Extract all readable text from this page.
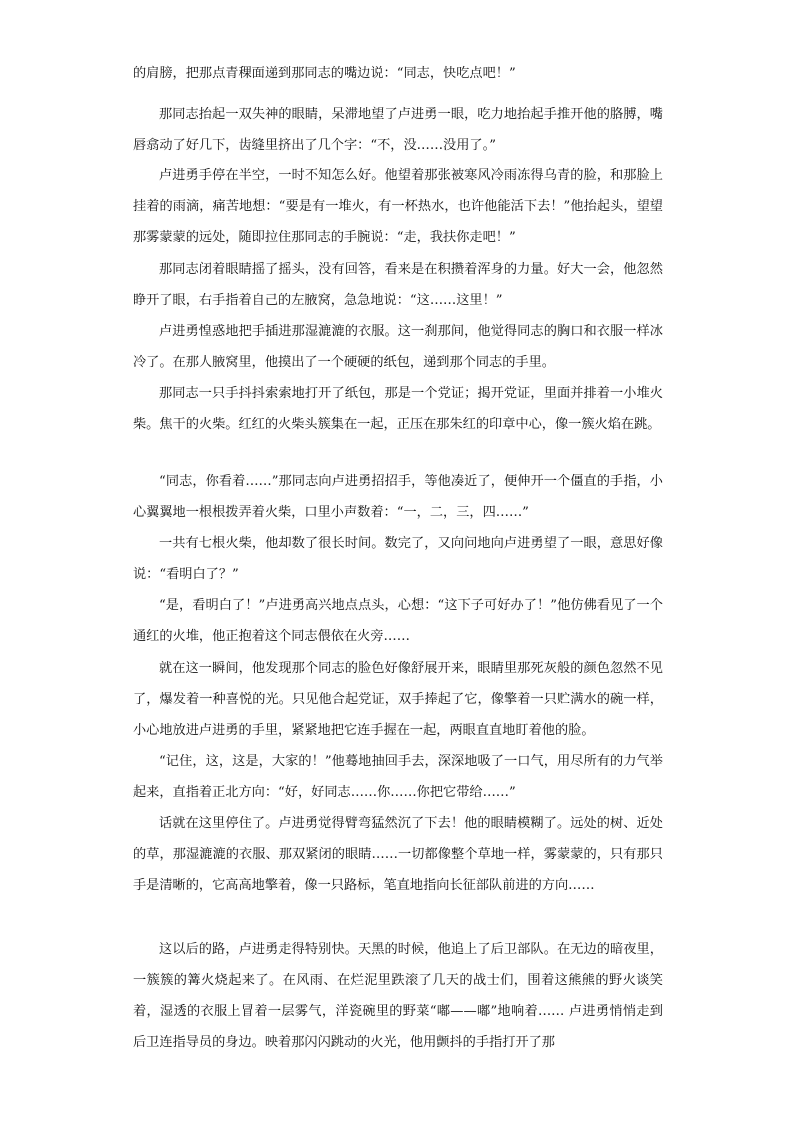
的肩膀，把那点青稞面递到那同志的嘴边说：“同志，快吃点吧！”

那同志抬起一双失神的眼睛，呆滞地望了卢进勇一眼，吃力地抬起手推开他的胳膊，嘴唇翕动了好几下，齿缝里挤出了几个字：“不，没……没用了。”

卢进勇手停在半空，一时不知怎么好。他望着那张被寒风冷雨冻得乌青的脸，和那脸上挂着的雨滴，痛苦地想：“要是有一堆火，有一杯热水，也许他能活下去！”他抬起头，望望那雾蒙蒙的远处，随即拉住那同志的手腕说：“走，我扶你走吧！”

那同志闭着眼睛摇了摇头，没有回答，看来是在积攒着浑身的力量。好大一会，他忽然睁开了眼，右手指着自己的左腋窝，急急地说：“这……这里！”

卢进勇惶惑地把手插进那湿漉漉的衣服。这一刹那间，他觉得同志的胸口和衣服一样冰冷了。在那人腋窝里，他摸出了一个硬硬的纸包，递到那个同志的手里。

那同志一只手抖抖索索地打开了纸包，那是一个党证；揭开党证，里面并排着一小堆火柴。焦干的火柴。红红的火柴头簇集在一起，正压在那朱红的印章中心，像一簇火焰在跳。

“同志，你看着……”那同志向卢进勇招招手，等他凑近了，便伸开一个僵直的手指，小心翼翼地一根根拨弄着火柴，口里小声数着：“一，二，三，四……”

一共有七根火柴，他却数了很长时间。数完了，又向问地向卢进勇望了一眼，意思好像说：“看明白了？”

“是，看明白了！”卢进勇高兴地点点头，心想：“这下子可好办了！”他仿佛看见了一个通红的火堆，他正抱着这个同志偎依在火旁……

就在这一瞬间，他发现那个同志的脸色好像舒展开来，眼睛里那死灰般的颜色忽然不见了，爆发着一种喜悦的光。只见他合起党证，双手捧起了它，像擎着一只贮满水的碗一样，小心地放进卢进勇的手里，紧紧地把它连手握在一起，两眼直直地盯着他的脸。

“记住，这，这是，大家的！”他蓦地抽回手去，深深地吸了一口气，用尽所有的力气举起来，直指着正北方向：“好，好同志……你……你把它带给……”

话就在这里停住了。卢进勇觉得臂弯猛然沉了下去！他的眼睛模糊了。远处的树、近处的草，那湿漉漉的衣服、那双紧闭的眼睛……一切都像整个草地一样，雾蒙蒙的，只有那只手是清晰的，它高高地擎着，像一只路标，笔直地指向长征部队前进的方向……

这以后的路，卢进勇走得特别快。天黑的时候，他追上了后卫部队。在无边的暗夜里，一簇簇的篝火烧起来了。在风雨、在烂泥里跌滚了几天的战士们，围着这熊熊的野火谈笑着，湿透的衣服上冒着一层雾气，洋瓷碗里的野菜“嘟——嘟”地响着…… 卢进勇悄悄走到后卫连指导员的身边。映着那闪闪跳动的火光，他用颤抖的手指打开了那
